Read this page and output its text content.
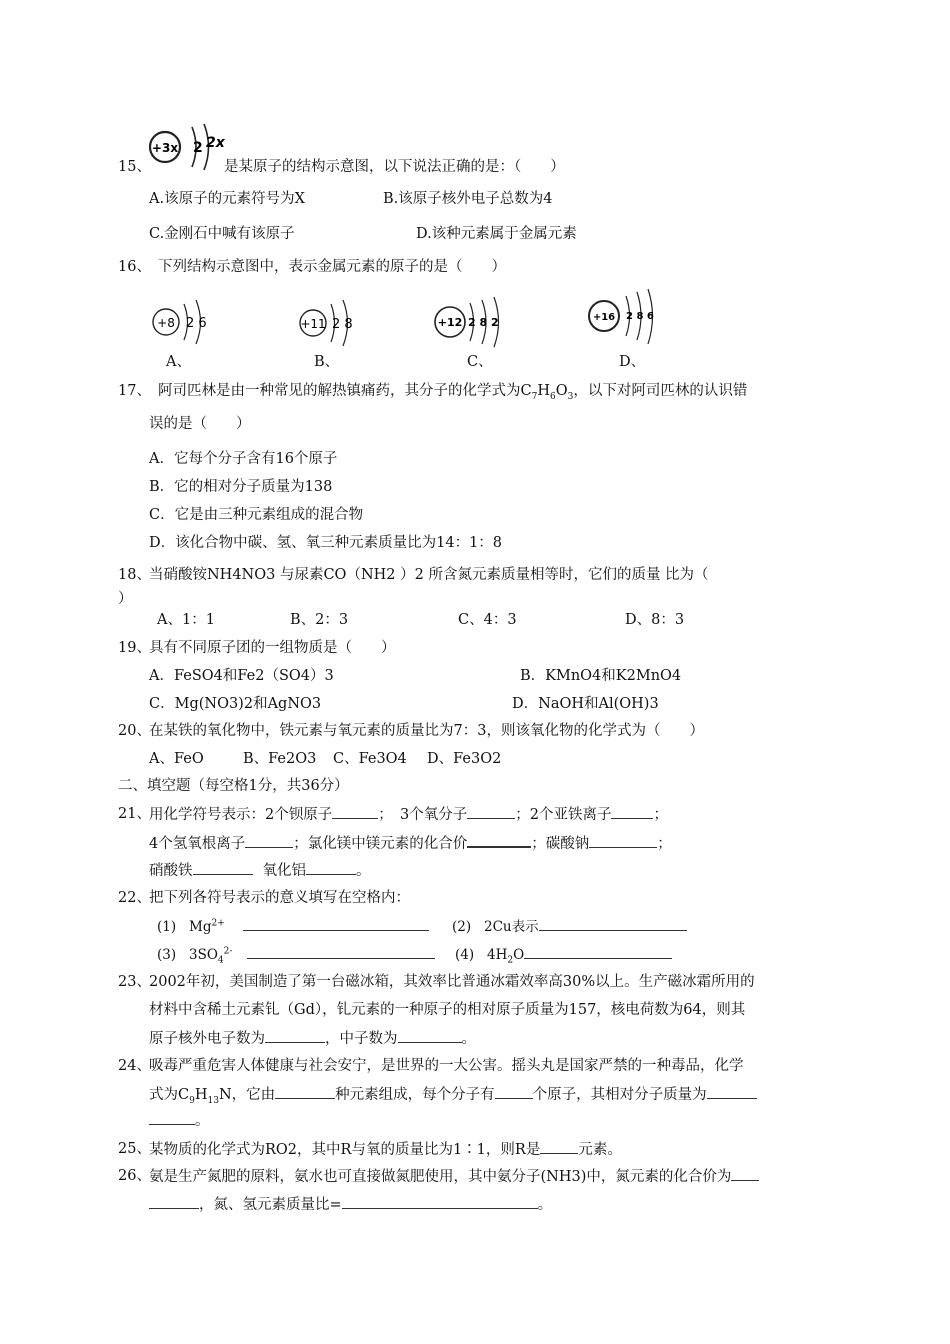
15、
+3x 2 2x
是某原子的结构示意图，以下说法正确的是：（　　）
A.该原子的元素符号为X	B.该原子核外电子总数为4
C.金刚石中喊有该原子	D.该种元素属于金属元素
16、 下列结构示意图中，表示金属元素的原子的是（　　）
+8 2 6
A、
+11 2 8
B、
+12 2 8 2
C、
+16 2 8 6
D、
17、 阿司匹林是由一种常见的解热镇痛药，其分子的化学式为$C_7H_6O_3$，以下对阿司匹林的认识错
误的是（　　）
A．它每个分子含有16个原子
B．它的相对分子质量为138
C．它是由三种元素组成的混合物
D．该化合物中碳、氢、氧三种元素质量比为14：1：8
18、
当硝酸铵NH4NO3 与尿素CO（NH2 ）2 所含氮元素质量相等时，它们的质量 比为（
）
A、1：1	B、2：3	C、4：3	D、8：3
19、
具有不同原子团的一组物质是（　　）
A．FeSO4和Fe2（SO4）3	B．KMnO4和K2MnO4
C．Mg(NO3)2和AgNO3	D．NaOH和Al(OH)3
20、
在某铁的氧化物中，铁元素与氧元素的质量比为7：3，则该氧化物的化学式为（　　）
A、FeO	B、Fe2O3 C、Fe3O4 D、Fe3O2
二、填空题（每空格1分，共36分）
21、
用化学符号表示：2个钡原子	；　3个氧分子	；2个亚铁离子	；
4个氢氧根离子	；氯化镁中镁元素的化合价	；碳酸钠	；
硝酸铁	氧化铝	。
22、
把下列各符号表示的意义填写在空格内：
(1)   $Mg^{2+}$	(2)   2Cu表示
(3)   $3SO_4^{2-}$	(4)   $4H_2O$
23、
2002年初，美国制造了第一台磁冰箱，其效率比普通冰霜效率高30%以上。生产磁冰霜所用的
材料中含稀土元素钆（Gd），钆元素的一种原子的相对原子质量为157，核电荷数为64，则其
原子核外电子数为	，中子数为	。
24、
吸毒严重危害人体健康与社会安宁，是世界的一大公害。摇头丸是国家严禁的一种毒品，化学
式为$C_9H_{13}N$，它由	种元素组成，每个分子有	个原子，其相对分子质量为
。
25、
某物质的化学式为RO2，其中R与氧的质量比为1∶1，则R是	元素。
26、
氨是生产氮肥的原料，氨水也可直接做氮肥使用，其中氨分子(NH3)中，氮元素的化合价为
，氮、氢元素质量比=	。
